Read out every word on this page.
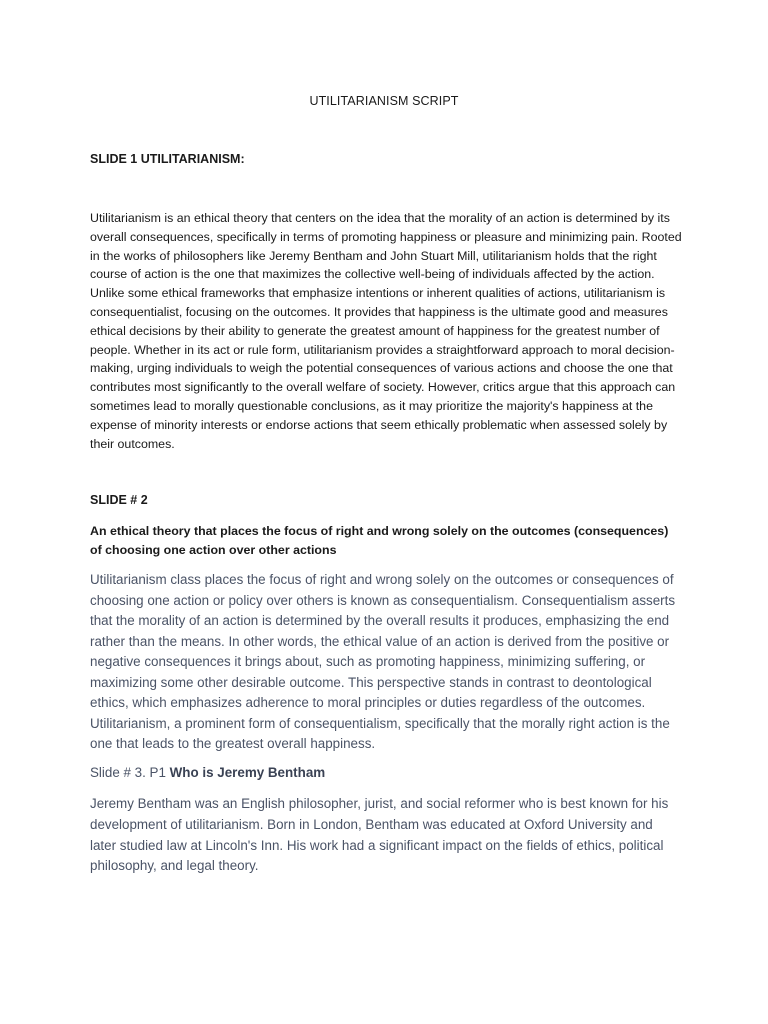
UTILITARIANISM SCRIPT
SLIDE 1 UTILITARIANISM:

Utilitarianism is an ethical theory that centers on the idea that the morality of an action is determined by its overall consequences, specifically in terms of promoting happiness or pleasure and minimizing pain. Rooted in the works of philosophers like Jeremy Bentham and John Stuart Mill, utilitarianism holds that the right course of action is the one that maximizes the collective well-being of individuals affected by the action. Unlike some ethical frameworks that emphasize intentions or inherent qualities of actions, utilitarianism is consequentialist, focusing on the outcomes. It provides that happiness is the ultimate good and measures ethical decisions by their ability to generate the greatest amount of happiness for the greatest number of people. Whether in its act or rule form, utilitarianism provides a straightforward approach to moral decision-making, urging individuals to weigh the potential consequences of various actions and choose the one that contributes most significantly to the overall welfare of society. However, critics argue that this approach can sometimes lead to morally questionable conclusions, as it may prioritize the majority's happiness at the expense of minority interests or endorse actions that seem ethically problematic when assessed solely by their outcomes.

SLIDE # 2

An ethical theory that places the focus of right and wrong solely on the outcomes (consequences) of choosing one action over other actions

Utilitarianism class places the focus of right and wrong solely on the outcomes or consequences of choosing one action or policy over others is known as consequentialism. Consequentialism asserts that the morality of an action is determined by the overall results it produces, emphasizing the end rather than the means. In other words, the ethical value of an action is derived from the positive or negative consequences it brings about, such as promoting happiness, minimizing suffering, or maximizing some other desirable outcome. This perspective stands in contrast to deontological ethics, which emphasizes adherence to moral principles or duties regardless of the outcomes. Utilitarianism, a prominent form of consequentialism, specifically that the morally right action is the one that leads to the greatest overall happiness.

Slide # 3. P1 Who is Jeremy Bentham

Jeremy Bentham was an English philosopher, jurist, and social reformer who is best known for his development of utilitarianism. Born in London, Bentham was educated at Oxford University and later studied law at Lincoln's Inn. His work had a significant impact on the fields of ethics, political philosophy, and legal theory.
